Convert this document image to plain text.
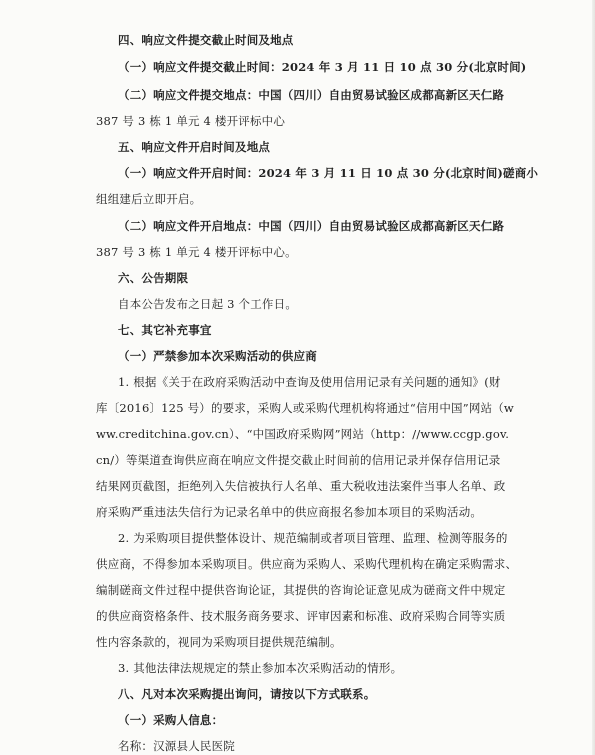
四、响应文件提交截止时间及地点
（一）响应文件提交截止时间：2024 年 3 月 11 日 10 点 30 分(北京时间)
（二）响应文件提交地点：中国（四川）自由贸易试验区成都高新区天仁路
387 号 3 栋 1 单元 4 楼开评标中心
五、响应文件开启时间及地点
（一）响应文件开启时间：2024 年 3 月 11 日 10 点 30 分(北京时间)磋商小
组组建后立即开启。
（二）响应文件开启地点：中国（四川）自由贸易试验区成都高新区天仁路
387 号 3 栋 1 单元 4 楼开评标中心。
六、公告期限
自本公告发布之日起 3 个工作日。
七、其它补充事宜
（一）严禁参加本次采购活动的供应商
1. 根据《关于在政府采购活动中查询及使用信用记录有关问题的通知》(财
库〔2016〕125 号）的要求，采购人或采购代理机构将通过“信用中国”网站（w
ww.creditchina.gov.cn）、“中国政府采购网”网站（http：//www.ccgp.gov.
cn/）等渠道查询供应商在响应文件提交截止时间前的信用记录并保存信用记录
结果网页截图，拒绝列入失信被执行人名单、重大税收违法案件当事人名单、政
府采购严重违法失信行为记录名单中的供应商报名参加本项目的采购活动。
2. 为采购项目提供整体设计、规范编制或者项目管理、监理、检测等服务的
供应商，不得参加本采购项目。供应商为采购人、采购代理机构在确定采购需求、
编制磋商文件过程中提供咨询论证，其提供的咨询论证意见成为磋商文件中规定
的供应商资格条件、技术服务商务要求、评审因素和标准、政府采购合同等实质
性内容条款的，视同为采购项目提供规范编制。
3. 其他法律法规规定的禁止参加本次采购活动的情形。
八、凡对本次采购提出询问，请按以下方式联系。
（一）采购人信息：
名称：汉源县人民医院
